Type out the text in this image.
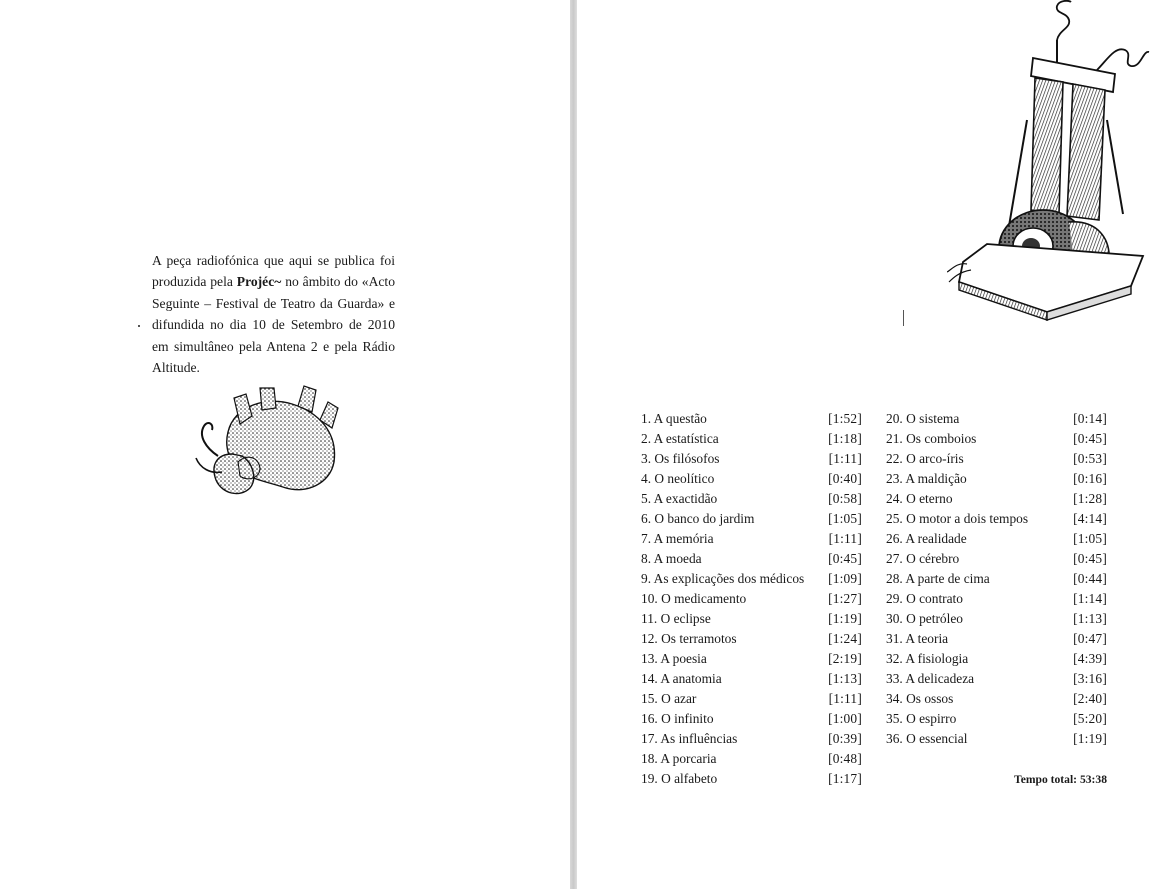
A peça radiofónica que aqui se publica foi produzida pela Projéc~ no âmbito do «Acto Seguinte – Festival de Teatro da Guarda» e difundida no dia 10 de Setembro de 2010 em simultâneo pela Antena 2 e pela Rádio Altitude.

1. A questão	[1:52]
2. A estatística	[1:18]
3. Os filósofos	[1:11]
4. O neolítico	[0:40]
5. A exactidão	[0:58]
6. O banco do jardim	[1:05]
7. A memória	[1:11]
8. A moeda	[0:45]
9. As explicações dos médicos [1:09]
10. O medicamento	[1:27]
11. O eclipse	[1:19]
12. Os terramotos	[1:24]
13. A poesia	[2:19]
14. A anatomia	[1:13]
15. O azar	[1:11]
16. O infinito	[1:00]
17. As influências	[0:39]
18. A porcaria	[0:48]
19. O alfabeto	[1:17]
20. O sistema	[0:14]
21. Os comboios	[0:45]
22. O arco-íris	[0:53]
23. A maldição	[0:16]
24. O eterno	[1:28]
25. O motor a dois tempos	[4:14]
26. A realidade	[1:05]
27. O cérebro	[0:45]
28. A parte de cima	[0:44]
29. O contrato	[1:14]
30. O petróleo	[1:13]
31. A teoria	[0:47]
32. A fisiologia	[4:39]
33. A delicadeza	[3:16]
34. Os ossos	[2:40]
35. O espirro	[5:20]
36. O essencial	[1:19]
Tempo total: 53:38
